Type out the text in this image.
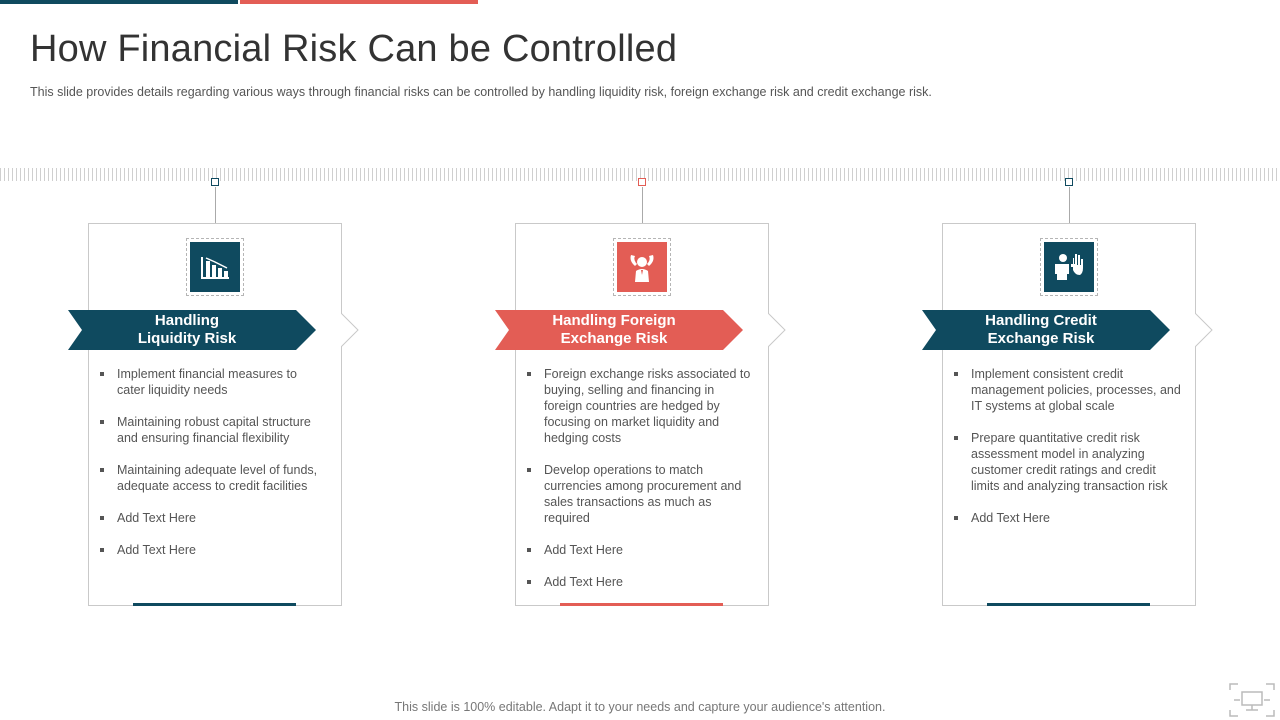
How Financial Risk Can be Controlled

This slide provides details regarding various ways through financial risks can be controlled by handling liquidity risk, foreign exchange risk and credit exchange risk.

Handling
Liquidity Risk
Implement financial measures to cater liquidity needs
Maintaining robust capital structure and ensuring financial flexibility
Maintaining adequate level of funds, adequate access to credit facilities
Add Text Here
Add Text Here
Handling Foreign
Exchange Risk
Foreign exchange risks associated to buying, selling and financing in foreign countries are hedged by focusing on market liquidity and hedging costs
Develop operations to match currencies among procurement and sales transactions as much as required
Add Text Here
Add Text Here
Handling Credit
Exchange Risk
Implement consistent credit management policies, processes, and IT systems at global scale
Prepare quantitative credit risk assessment model in analyzing customer credit ratings and credit limits and analyzing transaction risk
Add Text Here

This slide is 100% editable. Adapt it to your needs and capture your audience's attention.
